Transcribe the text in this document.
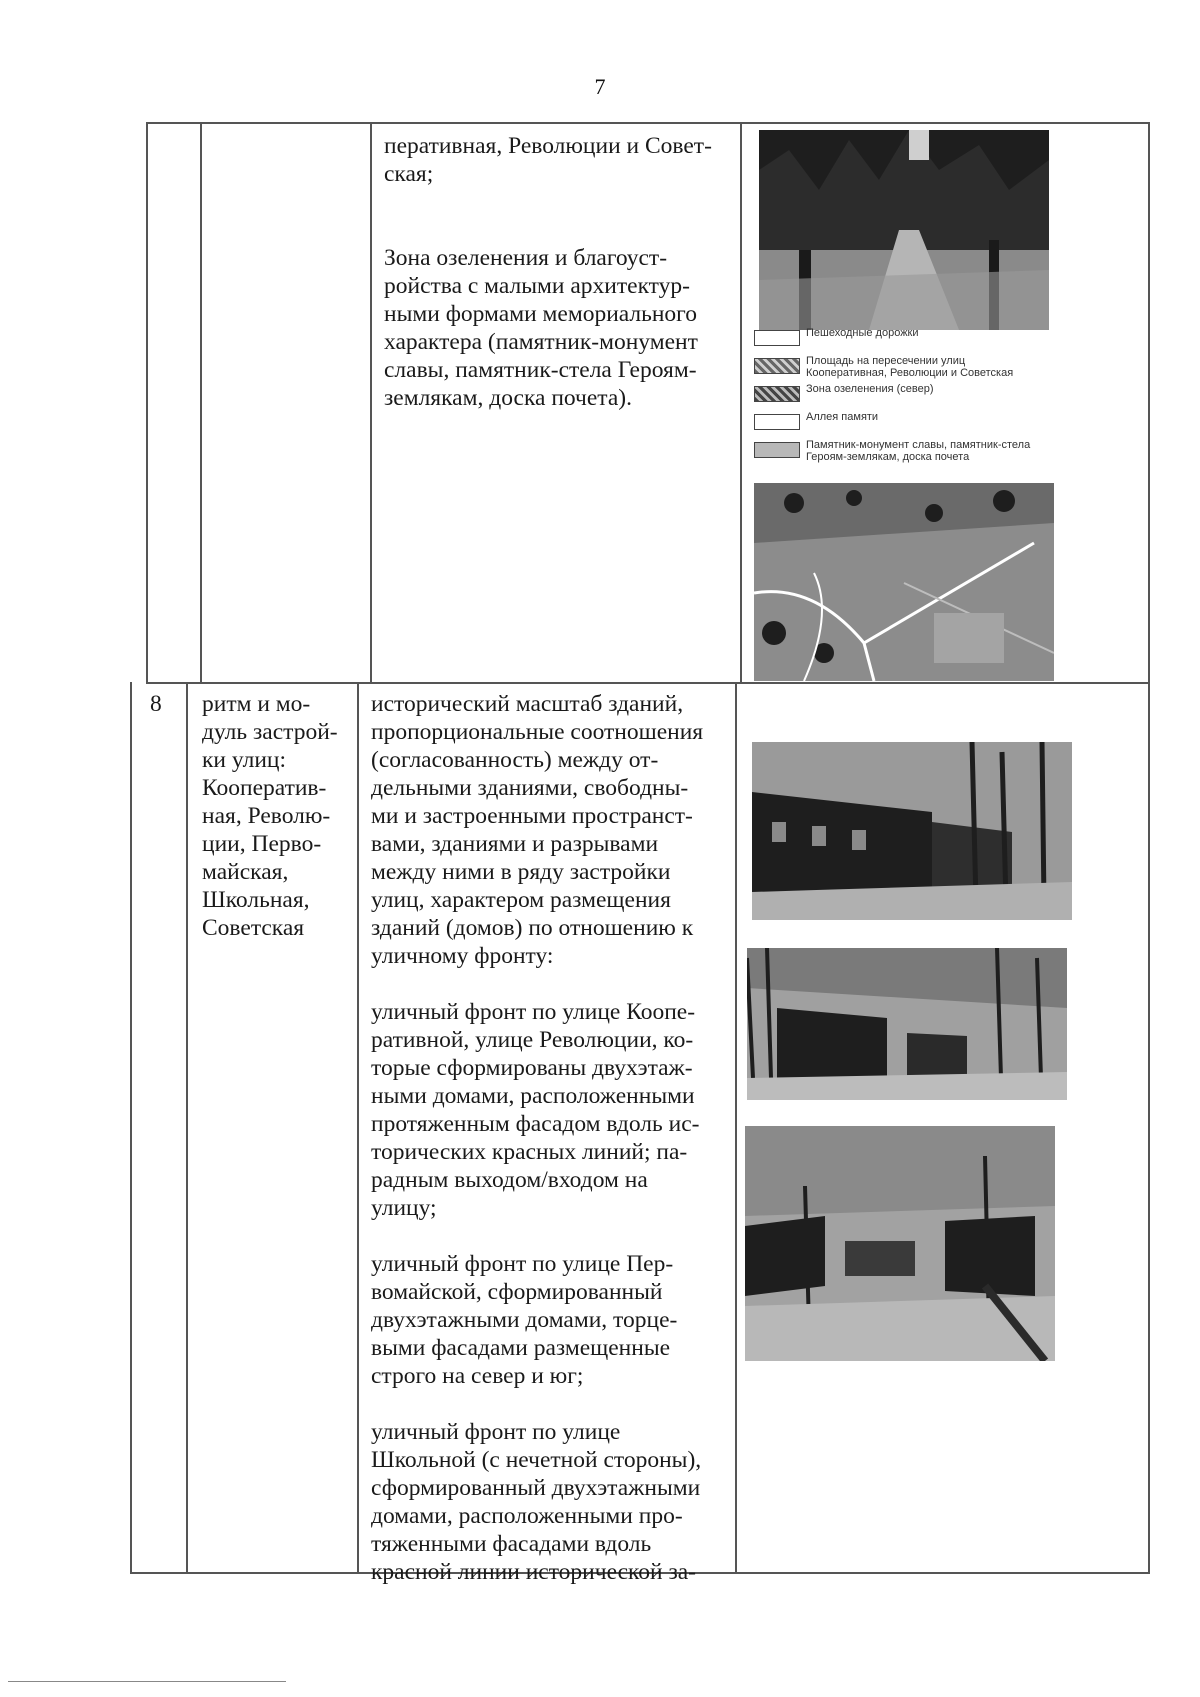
7

перативная, Революции и Совет-
ская;

Зона озеленения и благоуст-
ройства с малыми архитектур-
ными формами мемориального
характера (памятник-монумент
славы, памятник-стела Героям-
землякам, доска почета).

Пешеходные дорожки
Площадь на пересечении улиц Кооперативная, Революции и Советская
Зона озеленения (север)
Аллея памяти
Памятник-монумент славы, памятник-стела Героям-землякам, доска почета
8	ритм и мо-
дуль застрой-
ки улиц:
Кооператив-
ная, Револю-
ции, Перво-
майская,
Школьная,
Советская

исторический масштаб зданий,
пропорциональные соотношения
(согласованность) между от-
дельными зданиями, свободны-
ми и застроенными пространст-
вами, зданиями и разрывами
между ними в ряду застройки
улиц, характером размещения
зданий (домов) по отношению к
уличному фронту:

уличный фронт по улице Коопе-
ративной, улице Революции, ко-
торые сформированы двухэтаж-
ными домами, расположенными
протяженным фасадом вдоль ис-
торических красных линий; па-
радным выходом/входом на
улицу;

уличный фронт по улице Пер-
вомайской, сформированный
двухэтажными домами, торце-
выми фасадами размещенные
строго на север и юг;

уличный фронт по улице
Школьной (с нечетной стороны),
сформированный двухэтажными
домами, расположенными про-
тяженными фасадами вдоль
красной линии исторической за-
